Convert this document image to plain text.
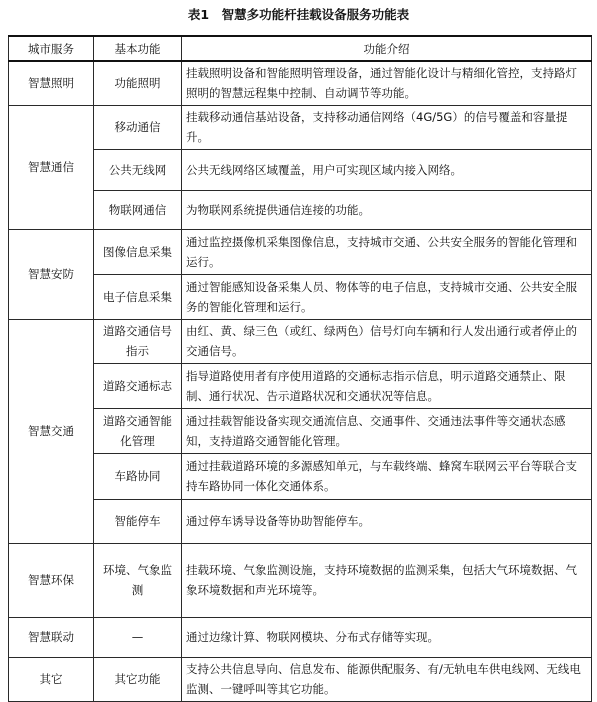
表1　智慧多功能杆挂载设备服务功能表
城市服务	基本功能	功能介绍
智慧照明	功能照明	挂载照明设备和智能照明管理设备，通过智能化设计与精细化管控，支持路灯照明的智慧远程集中控制、自动调节等功能。
智慧通信	移动通信	挂载移动通信基站设备，支持移动通信网络（4G/5G）的信号覆盖和容量提升。
	公共无线网	公共无线网络区域覆盖，用户可实现区域内接入网络。
	物联网通信	为物联网系统提供通信连接的功能。
智慧安防	图像信息采集	通过监控摄像机采集图像信息，支持城市交通、公共安全服务的智能化管理和运行。
	电子信息采集	通过智能感知设备采集人员、物体等的电子信息，支持城市交通、公共安全服务的智能化管理和运行。
智慧交通	道路交通信号指示	由红、黄、绿三色（或红、绿两色）信号灯向车辆和行人发出通行或者停止的交通信号。
	道路交通标志	指导道路使用者有序使用道路的交通标志指示信息，明示道路交通禁止、限制、通行状况、告示道路状况和交通状况等信息。
	道路交通智能化管理	通过挂载智能设备实现交通流信息、交通事件、交通违法事件等交通状态感知，支持道路交通智能化管理。
	车路协同	通过挂载道路环境的多源感知单元，与车载终端、蜂窝车联网云平台等联合支持车路协同一体化交通体系。
	智能停车	通过停车诱导设备等协助智能停车。
智慧环保	环境、气象监测	挂载环境、气象监测设施，支持环境数据的监测采集，包括大气环境数据、气象环境数据和声光环境等。
智慧联动	—	通过边缘计算、物联网模块、分布式存储等实现。
其它	其它功能	支持公共信息导向、信息发布、能源供配服务、有/无轨电车供电线网、无线电监测、一键呼叫等其它功能。
